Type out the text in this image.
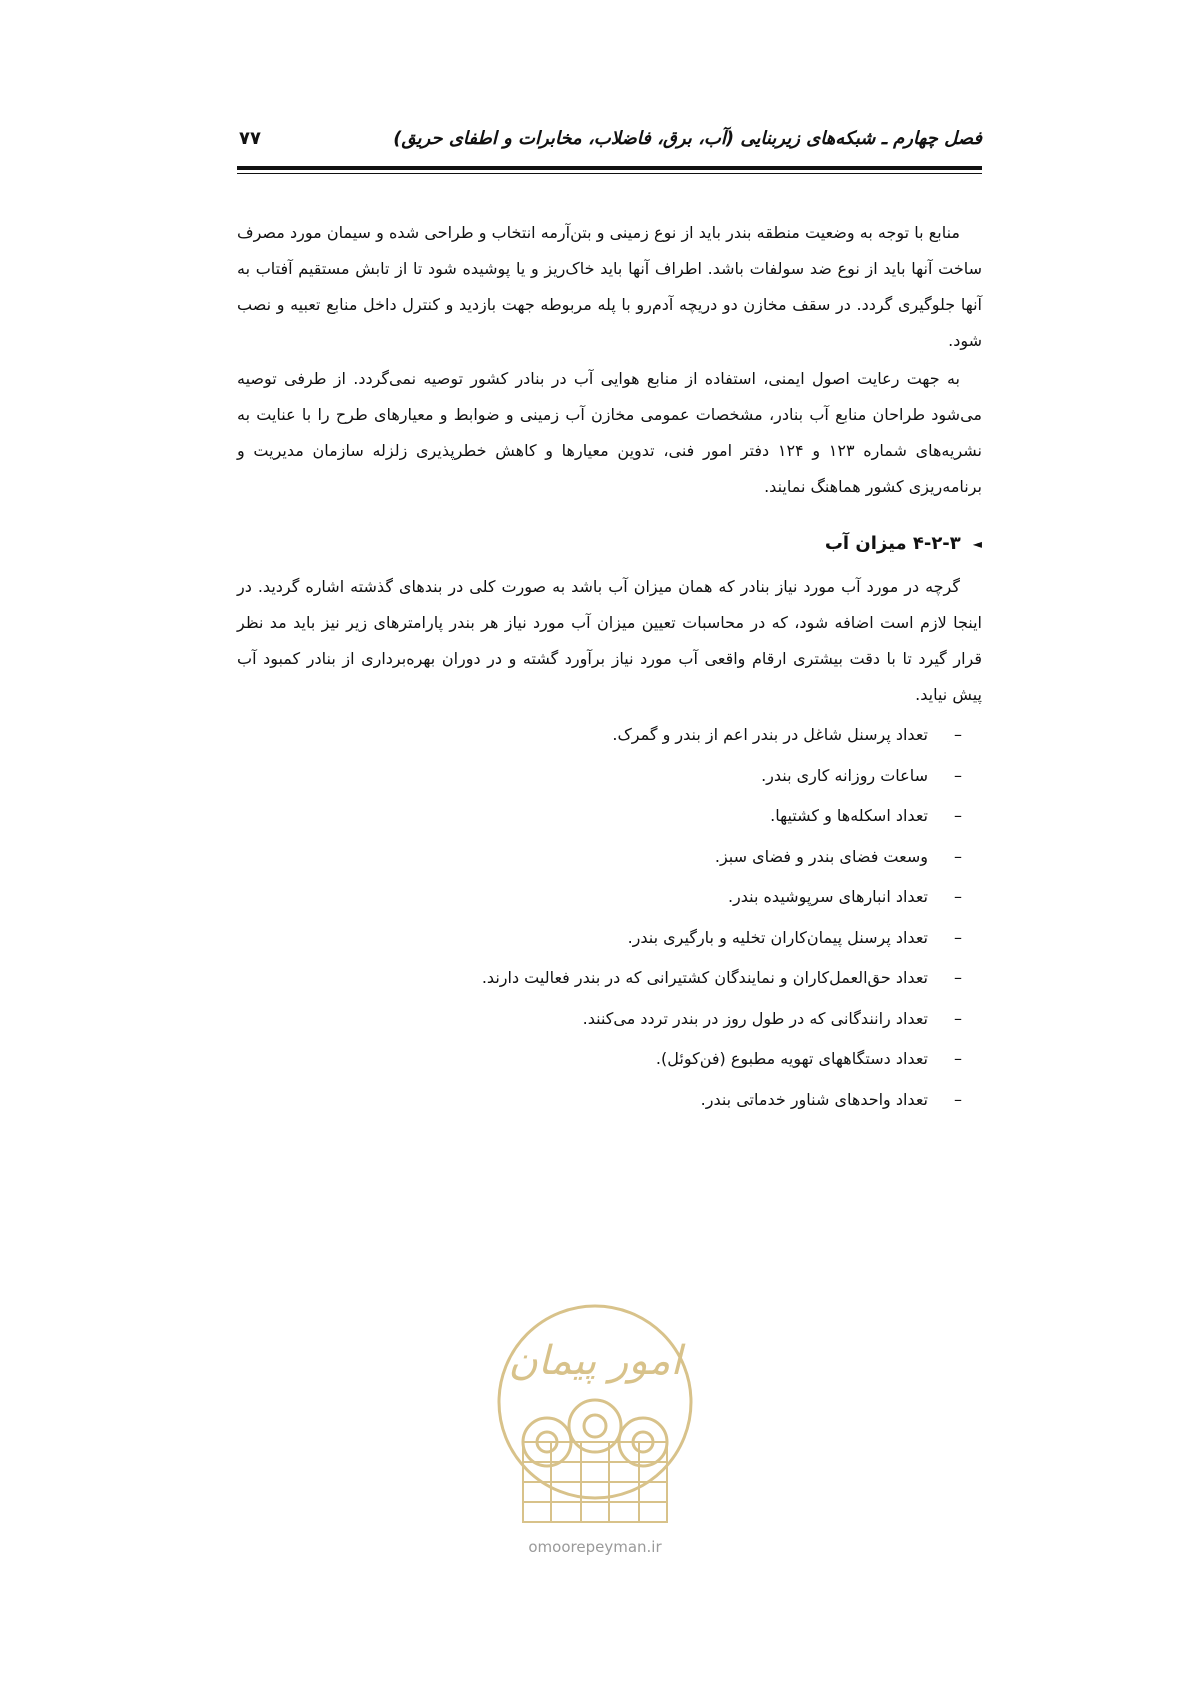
فصل چهارم ـ شبکه‌های زیربنایی (آب، برق، فاضلاب، مخابرات و اطفای حریق)
۷۷

منابع با توجه به وضعیت منطقه بندر باید از نوع زمینی و بتن‌آرمه انتخاب و طراحی شده و سیمان مورد مصرف ساخت آنها باید از نوع ضد سولفات باشد. اطراف آنها باید خاک‌ریز و یا پوشیده شود تا از تابش مستقیم آفتاب به آنها جلوگیری گردد. در سقف مخازن دو دریچه آدم‌رو با پله مربوطه جهت بازدید و کنترل داخل منابع تعبیه و نصب شود.

به جهت رعایت اصول ایمنی، استفاده از منابع هوایی آب در بنادر کشور توصیه نمی‌گردد. از طرفی توصیه می‌شود طراحان منابع آب بنادر، مشخصات عمومی مخازن آب زمینی و ضوابط و معیارهای طرح را با عنایت به نشریه‌های شماره ۱۲۳ و ۱۲۴ دفتر امور فنی، تدوین معیارها و کاهش خطرپذیری زلزله سازمان مدیریت و برنامه‌ریزی کشور هماهنگ نمایند.

◄
۴-۲-۳ میزان آب

گرچه در مورد آب مورد نیاز بنادر که همان میزان آب باشد به صورت کلی در بندهای گذشته اشاره گردید. در اینجا لازم است اضافه شود، که در محاسبات تعیین میزان آب مورد نیاز هر بندر پارامترهای زیر نیز باید مد نظر قرار گیرد تا با دقت بیشتری ارقام واقعی آب مورد نیاز برآورد گشته و در دوران بهره‌برداری از بنادر کمبود آب پیش نیاید.

–
تعداد پرسنل شاغل در بندر اعم از بندر و گمرک.
–
ساعات روزانه کاری بندر.
–
تعداد اسکله‌ها و کشتیها.
–
وسعت فضای بندر و فضای سبز.
–
تعداد انبارهای سرپوشیده بندر.
–
تعداد پرسنل پیمان‌کاران تخلیه و بارگیری بندر.
–
تعداد حق‌العمل‌کاران و نمایندگان کشتیرانی که در بندر فعالیت دارند.
–
تعداد رانندگانی که در طول روز در بندر تردد می‌کنند.
–
تعداد دستگاههای تهویه مطبوع (فن‌کوئل).
–
تعداد واحدهای شناور خدماتی بندر.
امور پیمان
omoorepeyman.ir
